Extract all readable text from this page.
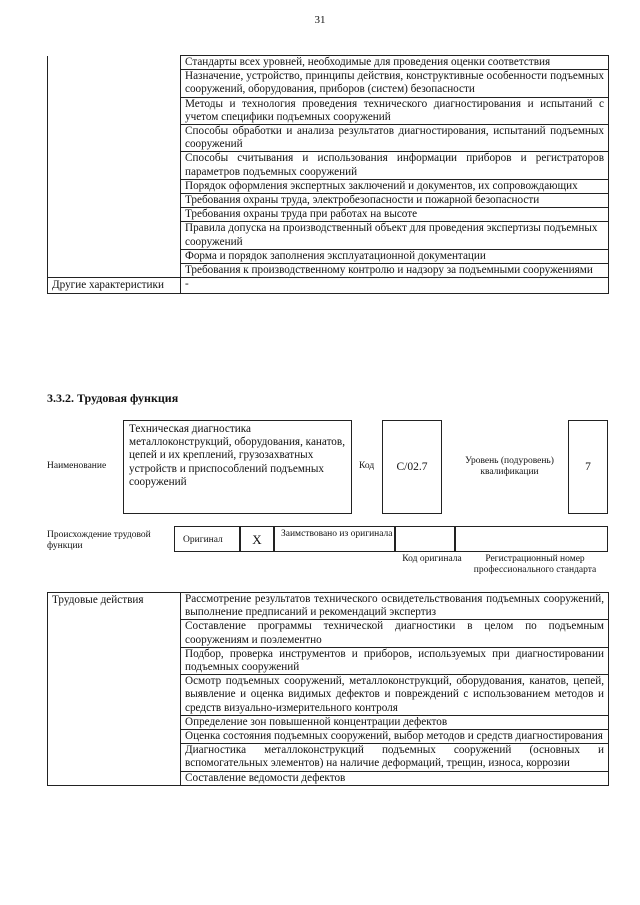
31
	Стандарты всех уровней, необходимые для проведения оценки соответствия
	Назначение, устройство, принципы действия, конструктивные особенности подъемных сооружений, оборудования, приборов (систем) безопасности
	Методы и технология проведения технического диагностирования и испытаний с учетом специфики подъемных сооружений
	Способы обработки и анализа результатов диагностирования, испытаний подъемных сооружений
	Способы считывания и использования информации приборов и регистраторов параметров подъемных сооружений
	Порядок оформления экспертных заключений и документов, их сопровождающих
	Требования охраны труда, электробезопасности и пожарной безопасности
	Требования охраны труда при работах на высоте
	Правила допуска на производственный объект для проведения экспертизы подъемных сооружений
	Форма и порядок заполнения эксплуатационной документации
	Требования к производственному контролю и надзору за подъемными сооружениями
Другие характеристики	-
3.3.2. Трудовая функция
Наименование
Техническая диагностика металлоконструкций, оборудования, канатов, цепей и их креплений, грузозахватных устройств и приспособлений подъемных сооружений
Код	С/02.7	Уровень (подуровень) квалификации	7
Происхождение трудовой функции
Оригинал	X	Заимствовано из оригинала
Код оригинала	Регистрационный номер профессионального стандарта
Трудовые действия	Рассмотрение результатов технического освидетельствования подъемных сооружений, выполнение предписаний и рекомендаций экспертиз
Составление программы технической диагностики в целом по подъемным сооружениям и поэлементно
Подбор, проверка инструментов и приборов, используемых при диагностировании подъемных сооружений
Осмотр подъемных сооружений, металлоконструкций, оборудования, канатов, цепей, выявление и оценка видимых дефектов и повреждений с использованием методов и средств визуально-измерительного контроля
Определение зон повышенной концентрации дефектов
Оценка состояния подъемных сооружений, выбор методов и средств диагностирования
Диагностика металлоконструкций подъемных сооружений (основных и вспомогательных элементов) на наличие деформаций, трещин, износа, коррозии
Составление ведомости дефектов
